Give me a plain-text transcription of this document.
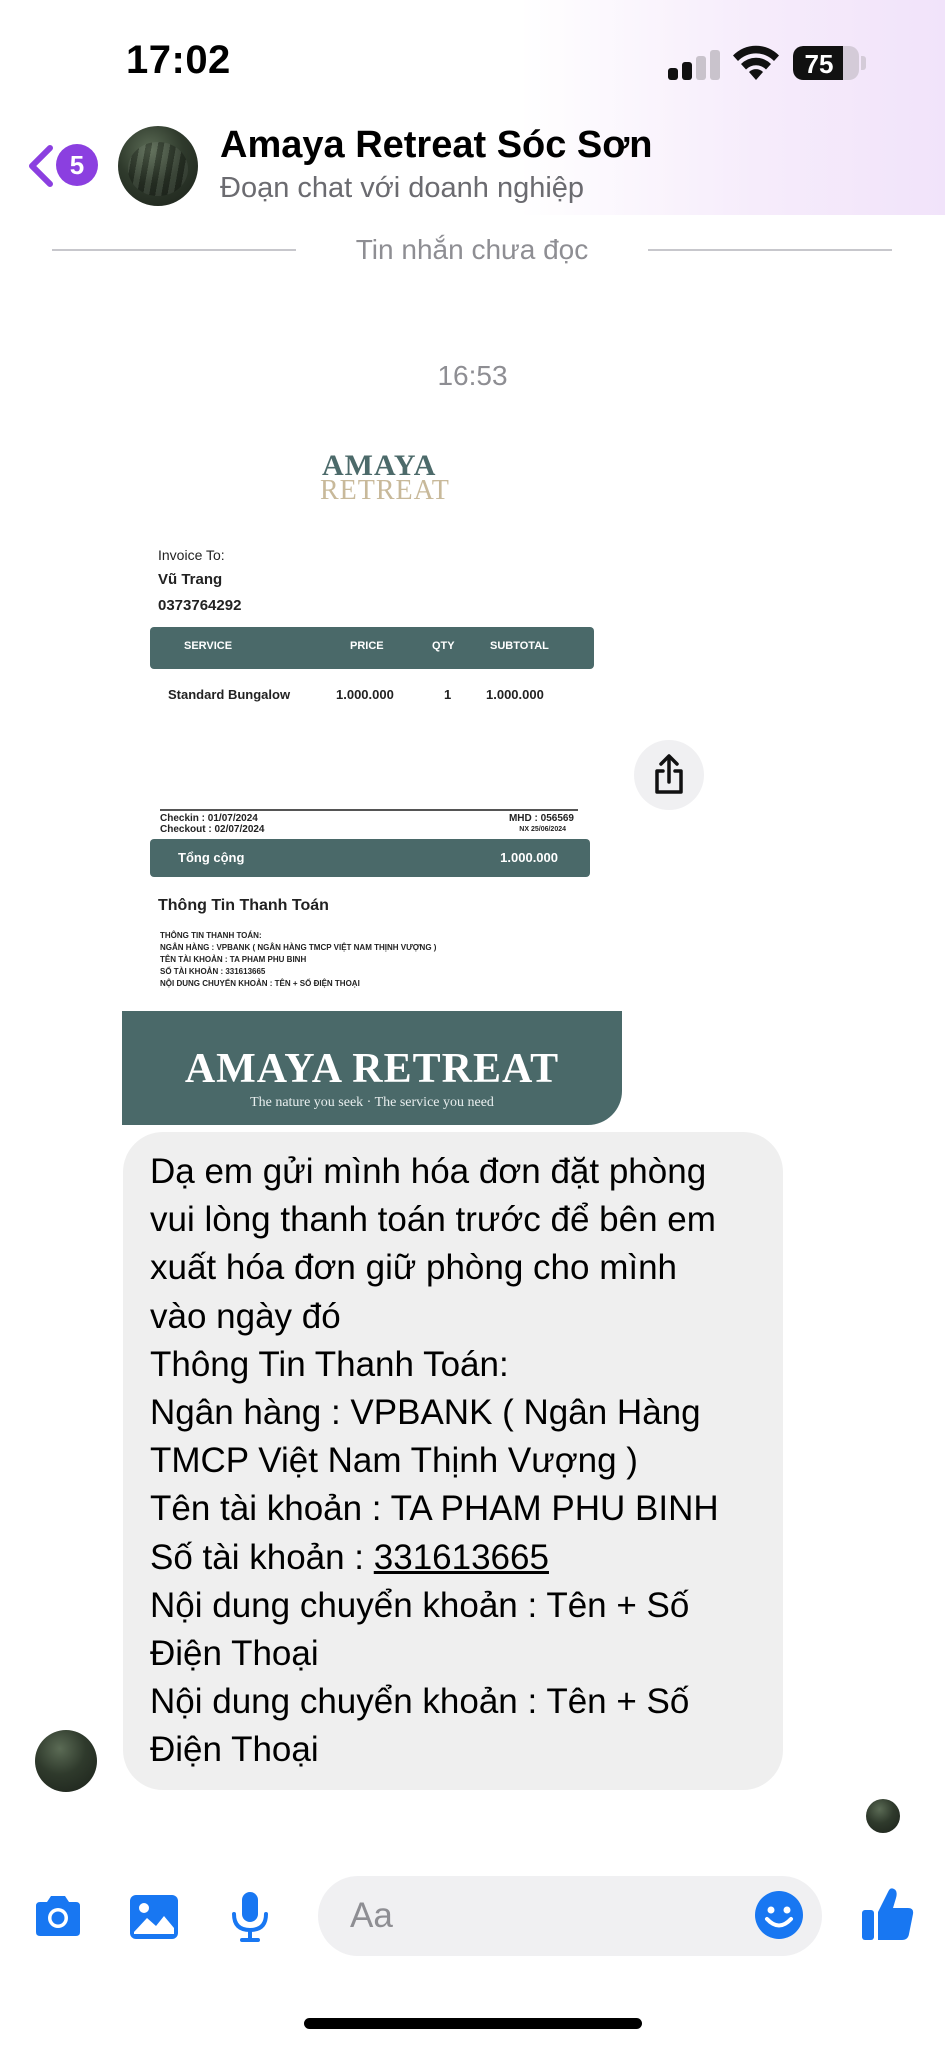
17:02	75
5	Amaya Retreat Sóc Sơn
Đoạn chat với doanh nghiệp
Tin nhắn chưa đọc
16:53
AMAYA
RETREAT
Invoice To:
Vũ Trang
0373764292
SERVICE	PRICE	QTY	SUBTOTAL
Standard Bungalow	1.000.000	1	1.000.000
Checkin : 01/07/2024
Checkout : 02/07/2024
MHD : 056569
NX 25/06/2024
Tổng cộng	1.000.000
Thông Tin Thanh Toán
THÔNG TIN THANH TOÁN:
NGÂN HÀNG : VPBANK ( NGÂN HÀNG TMCP VIỆT NAM THỊNH VƯỢNG )
TÊN TÀI KHOẢN : TA PHAM PHU BINH
SỐ TÀI KHOẢN : 331613665
NỘI DUNG CHUYỂN KHOẢN : TÊN + SỐ ĐIỆN THOẠI
AMAYA RETREAT
The nature you seek · The service you need
Dạ em gửi mình hóa đơn đặt phòng
vui lòng thanh toán trước để bên em
xuất hóa đơn giữ phòng cho mình
vào ngày đó
Thông Tin Thanh Toán:
Ngân hàng : VPBANK ( Ngân Hàng
TMCP Việt Nam Thịnh Vượng )
Tên tài khoản : TA PHAM PHU BINH
Số tài khoản : 331613665
Nội dung chuyển khoản : Tên + Số
Điện Thoại
Nội dung chuyển khoản : Tên + Số
Điện Thoại
Aa
